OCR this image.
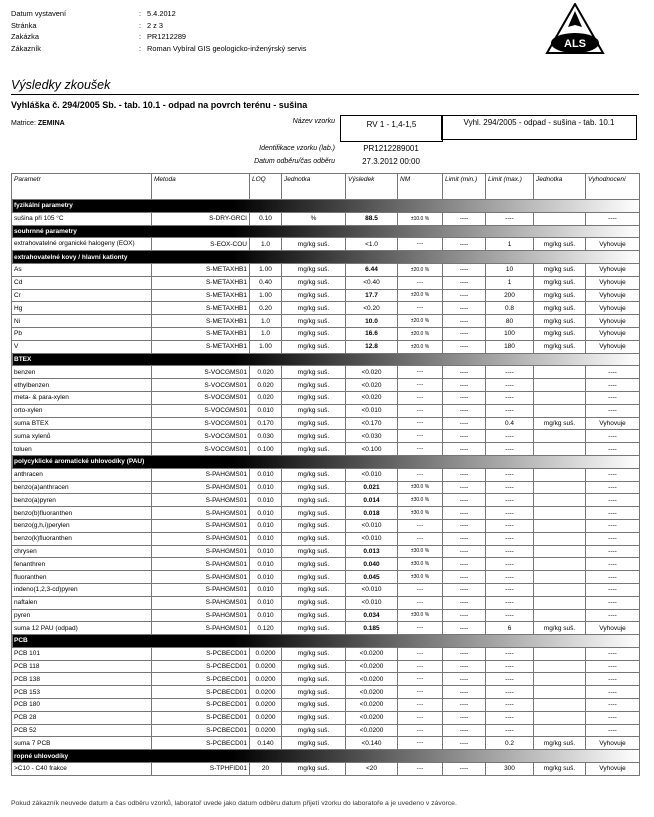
Datum vystavení	: 5.4.2012
Stránka	: 2 z 3
Zakázka	: PR1212289
Zákazník	: Roman Vybíral GIS geologicko-inženýrský servis	ALS
Výsledky zkoušek
Vyhláška č. 294/2005 Sb. - tab. 10.1 - odpad na povrch terénu - sušina
Matrice: ZEMINA	Název vzorku	RV 1 - 1,4-1,5	Vyhl. 294/2005 - odpad - sušina - tab. 10.1
Identifikace vzorku (lab.)	PR1212289001
Datum odběru/čas odběru	27.3.2012 00:00
Parametr	Metoda	LOQ	Jednotka	Výsledek	NM	Limit (min.)	Limit (max.)	Jednotka	Vyhodnocení
fyzikální parametry									
sušina při 105 °C	S-DRY-GRCI	0.10	%	88.5	±10.0 %	----	----		----
souhrnné parametry									
extrahovatelné organické halogeny (EOX)	S-EOX-COU	1.0	mg/kg suš.	<1.0	----	----	1	mg/kg suš.	Vyhovuje
extrahovatelné kovy / hlavní kationty									
As	S-METAXHB1	1.00	mg/kg suš.	6.44	±20.0 %	----	10	mg/kg suš.	Vyhovuje
Cd	S-METAXHB1	0.40	mg/kg suš.	<0.40	----	----	1	mg/kg suš.	Vyhovuje
Cr	S-METAXHB1	1.00	mg/kg suš.	17.7	±20.0 %	----	200	mg/kg suš.	Vyhovuje
Hg	S-METAXHB1	0.20	mg/kg suš.	<0.20	----	----	0.8	mg/kg suš.	Vyhovuje
Ni	S-METAXHB1	1.0	mg/kg suš.	10.0	±20.0 %	----	80	mg/kg suš.	Vyhovuje
Pb	S-METAXHB1	1.0	mg/kg suš.	16.6	±20.0 %	----	100	mg/kg suš.	Vyhovuje
V	S-METAXHB1	1.00	mg/kg suš.	12.8	±20.0 %	----	180	mg/kg suš.	Vyhovuje
BTEX									
benzen	S-VOCGMS01	0.020	mg/kg suš.	<0.020	----	----	----		----
ethylbenzen	S-VOCGMS01	0.020	mg/kg suš.	<0.020	----	----	----		----
meta- & para-xylen	S-VOCGMS01	0.020	mg/kg suš.	<0.020	----	----	----		----
orto-xylen	S-VOCGMS01	0.010	mg/kg suš.	<0.010	----	----	----		----
suma BTEX	S-VOCGMS01	0.170	mg/kg suš.	<0.170	----	----	0.4	mg/kg suš.	Vyhovuje
suma xylenů	S-VOCGMS01	0.030	mg/kg suš.	<0.030	----	----	----		----
toluen	S-VOCGMS01	0.100	mg/kg suš.	<0.100	----	----	----		----
polycyklické aromatické uhlovodíky (PAU)									
anthracen	S-PAHGMS01	0.010	mg/kg suš.	<0.010	----	----	----		----
benzo(a)anthracen	S-PAHGMS01	0.010	mg/kg suš.	0.021	±30.0 %	----	----		----
benzo(a)pyren	S-PAHGMS01	0.010	mg/kg suš.	0.014	±30.0 %	----	----		----
benzo(b)fluoranthen	S-PAHGMS01	0.010	mg/kg suš.	0.018	±30.0 %	----	----		----
benzo(g,h,i)perylen	S-PAHGMS01	0.010	mg/kg suš.	<0.010	----	----	----		----
benzo(k)fluoranthen	S-PAHGMS01	0.010	mg/kg suš.	<0.010	----	----	----		----
chrysen	S-PAHGMS01	0.010	mg/kg suš.	0.013	±30.0 %	----	----		----
fenanthren	S-PAHGMS01	0.010	mg/kg suš.	0.040	±30.0 %	----	----		----
fluoranthen	S-PAHGMS01	0.010	mg/kg suš.	0.045	±30.0 %	----	----		----
indeno(1,2,3-cd)pyren	S-PAHGMS01	0.010	mg/kg suš.	<0.010	----	----	----		----
naftalen	S-PAHGMS01	0.010	mg/kg suš.	<0.010	----	----	----		----
pyren	S-PAHGMS01	0.010	mg/kg suš.	0.034	±30.0 %	----	----		----
suma 12 PAU (odpad)	S-PAHGMS01	0.120	mg/kg suš.	0.185	----	----	6	mg/kg suš.	Vyhovuje
PCB									
PCB 101	S-PCBECD01	0.0200	mg/kg suš.	<0.0200	----	----	----		----
PCB 118	S-PCBECD01	0.0200	mg/kg suš.	<0.0200	----	----	----		----
PCB 138	S-PCBECD01	0.0200	mg/kg suš.	<0.0200	----	----	----		----
PCB 153	S-PCBECD01	0.0200	mg/kg suš.	<0.0200	----	----	----		----
PCB 180	S-PCBECD01	0.0200	mg/kg suš.	<0.0200	----	----	----		----
PCB 28	S-PCBECD01	0.0200	mg/kg suš.	<0.0200	----	----	----		----
PCB 52	S-PCBECD01	0.0200	mg/kg suš.	<0.0200	----	----	----		----
suma 7 PCB	S-PCBECD01	0.140	mg/kg suš.	<0.140	----	----	0.2	mg/kg suš.	Vyhovuje
ropné uhlovodíky									
>C10 - C40 frakce	S-TPHFID01	20	mg/kg suš.	<20	----	----	300	mg/kg suš.	Vyhovuje
Pokud zákazník neuvede datum a čas odběru vzorků, laboratoř uvede jako datum odběru datum přijetí vzorku do laboratoře a je uvedeno v závorce.
